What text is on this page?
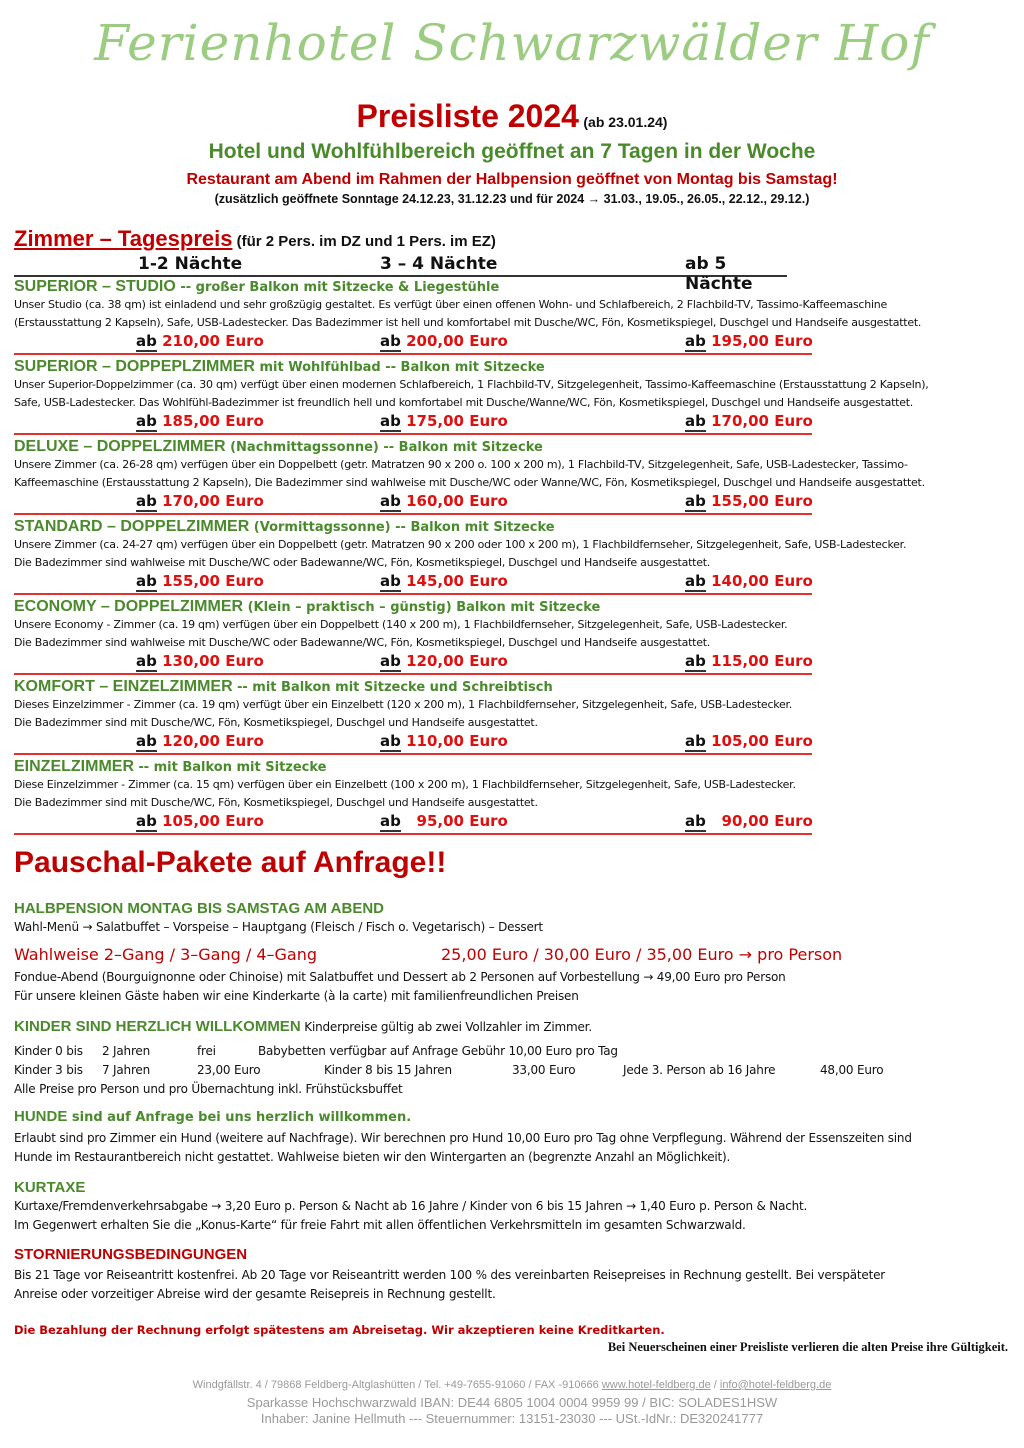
Ferienhotel Schwarzwälder Hof
Preisliste 2024 (ab 23.01.24)
Hotel und Wohlfühlbereich geöffnet an 7 Tagen in der Woche
Restaurant am Abend im Rahmen der Halbpension geöffnet von Montag bis Samstag!
(zusätzlich geöffnete Sonntage 24.12.23, 31.12.23 und für 2024 → 31.03., 19.05., 26.05., 22.12., 29.12.)
Zimmer – Tagespreis (für 2 Pers. im DZ und 1 Pers. im EZ)
1-2 Nächte	3 – 4 Nächte	ab 5 Nächte
SUPERIOR – STUDIO -- großer Balkon mit Sitzecke & Liegestühle
Unser Studio (ca. 38 qm) ist einladend und sehr großzügig gestaltet. Es verfügt über einen offenen Wohn- und Schlafbereich, 2 Flachbild-TV, Tassimo-Kaffeemaschine
(Erstausstattung 2 Kapseln), Safe, USB-Ladestecker. Das Badezimmer ist hell und komfortabel mit Dusche/WC, Fön, Kosmetikspiegel, Duschgel und Handseife ausgestattet.
ab 210,00 Euro	ab 200,00 Euro	ab 195,00 Euro
SUPERIOR – DOPPEPLZIMMER mit Wohlfühlbad -- Balkon mit Sitzecke
Unser Superior-Doppelzimmer (ca. 30 qm) verfügt über einen modernen Schlafbereich, 1 Flachbild-TV, Sitzgelegenheit, Tassimo-Kaffeemaschine (Erstausstattung 2 Kapseln),
Safe, USB-Ladestecker. Das Wohlfühl-Badezimmer ist freundlich hell und komfortabel mit Dusche/Wanne/WC, Fön, Kosmetikspiegel, Duschgel und Handseife ausgestattet.
ab 185,00 Euro	ab 175,00 Euro	ab 170,00 Euro
DELUXE – DOPPELZIMMER (Nachmittagssonne) -- Balkon mit Sitzecke
Unsere Zimmer (ca. 26-28 qm) verfügen über ein Doppelbett (getr. Matratzen 90 x 200 o. 100 x 200 m), 1 Flachbild-TV, Sitzgelegenheit, Safe, USB-Ladestecker, Tassimo-
Kaffeemaschine (Erstausstattung 2 Kapseln), Die Badezimmer sind wahlweise mit Dusche/WC oder Wanne/WC, Fön, Kosmetikspiegel, Duschgel und Handseife ausgestattet.
ab 170,00 Euro	ab 160,00 Euro	ab 155,00 Euro
STANDARD – DOPPELZIMMER (Vormittagssonne) -- Balkon mit Sitzecke
Unsere Zimmer (ca. 24-27 qm) verfügen über ein Doppelbett (getr. Matratzen 90 x 200 oder 100 x 200 m), 1 Flachbildfernseher, Sitzgelegenheit, Safe, USB-Ladestecker.
Die Badezimmer sind wahlweise mit Dusche/WC oder Badewanne/WC, Fön, Kosmetikspiegel, Duschgel und Handseife ausgestattet.
ab 155,00 Euro	ab 145,00 Euro	ab 140,00 Euro
ECONOMY – DOPPELZIMMER (Klein – praktisch – günstig) Balkon mit Sitzecke
Unsere Economy - Zimmer (ca. 19 qm) verfügen über ein Doppelbett (140 x 200 m), 1 Flachbildfernseher, Sitzgelegenheit, Safe, USB-Ladestecker.
Die Badezimmer sind wahlweise mit Dusche/WC oder Badewanne/WC, Fön, Kosmetikspiegel, Duschgel und Handseife ausgestattet.
ab 130,00 Euro	ab 120,00 Euro	ab 115,00 Euro
KOMFORT – EINZELZIMMER -- mit Balkon mit Sitzecke und Schreibtisch
Dieses Einzelzimmer - Zimmer (ca. 19 qm) verfügt über ein Einzelbett (120 x 200 m), 1 Flachbildfernseher, Sitzgelegenheit, Safe, USB-Ladestecker.
Die Badezimmer sind mit Dusche/WC, Fön, Kosmetikspiegel, Duschgel und Handseife ausgestattet.
ab 120,00 Euro	ab 110,00 Euro	ab 105,00 Euro
EINZELZIMMER -- mit Balkon mit Sitzecke
Diese Einzelzimmer - Zimmer (ca. 15 qm) verfügen über ein Einzelbett (100 x 200 m), 1 Flachbildfernseher, Sitzgelegenheit, Safe, USB-Ladestecker.
Die Badezimmer sind mit Dusche/WC, Fön, Kosmetikspiegel, Duschgel und Handseife ausgestattet.
ab 105,00 Euro	ab   95,00 Euro	ab   90,00 Euro
Pauschal-Pakete auf Anfrage!!
HALBPENSION MONTAG BIS SAMSTAG AM ABEND
Wahl-Menü → Salatbuffet – Vorspeise – Hauptgang (Fleisch / Fisch o. Vegetarisch) – Dessert
Wahlweise 2–Gang / 3–Gang / 4–Gang	25,00 Euro / 30,00 Euro / 35,00 Euro → pro Person
Fondue-Abend (Bourguignonne oder Chinoise) mit Salatbuffet und Dessert ab 2 Personen auf Vorbestellung → 49,00 Euro pro Person
Für unsere kleinen Gäste haben wir eine Kinderkarte (à la carte) mit familienfreundlichen Preisen
KINDER SIND HERZLICH WILLKOMMEN Kinderpreise gültig ab zwei Vollzahler im Zimmer.
Kinder 0 bis 2 Jahren	frei	Babybetten verfügbar auf Anfrage Gebühr 10,00 Euro pro Tag
Kinder 3 bis 7 Jahren	23,00 Euro	Kinder 8 bis 15 Jahren	33,00 Euro	Jede 3. Person ab 16 Jahre	48,00 Euro
Alle Preise pro Person und pro Übernachtung inkl. Frühstücksbuffet
HUNDE sind auf Anfrage bei uns herzlich willkommen.
Erlaubt sind pro Zimmer ein Hund (weitere auf Nachfrage). Wir berechnen pro Hund 10,00 Euro pro Tag ohne Verpflegung. Während der Essenszeiten sind
Hunde im Restaurantbereich nicht gestattet. Wahlweise bieten wir den Wintergarten an (begrenzte Anzahl an Möglichkeit).
KURTAXE
Kurtaxe/Fremdenverkehrsabgabe → 3,20 Euro p. Person & Nacht ab 16 Jahre / Kinder von 6 bis 15 Jahren → 1,40 Euro p. Person & Nacht.
Im Gegenwert erhalten Sie die „Konus-Karte“ für freie Fahrt mit allen öffentlichen Verkehrsmitteln im gesamten Schwarzwald.
STORNIERUNGSBEDINGUNGEN
Bis 21 Tage vor Reiseantritt kostenfrei. Ab 20 Tage vor Reiseantritt werden 100 % des vereinbarten Reisepreises in Rechnung gestellt. Bei verspäteter
Anreise oder vorzeitiger Abreise wird der gesamte Reisepreis in Rechnung gestellt.
Die Bezahlung der Rechnung erfolgt spätestens am Abreisetag. Wir akzeptieren keine Kreditkarten.
Bei Neuerscheinen einer Preisliste verlieren die alten Preise ihre Gültigkeit.
Windgfällstr. 4 / 79868 Feldberg-Altglashütten / Tel. +49-7655-91060 / FAX -910666 www.hotel-feldberg.de / info@hotel-feldberg.de
Sparkasse Hochschwarzwald IBAN: DE44 6805 1004 0004 9959 99 / BIC: SOLADES1HSW
Inhaber: Janine Hellmuth --- Steuernummer: 13151-23030 --- USt.-IdNr.: DE320241777
